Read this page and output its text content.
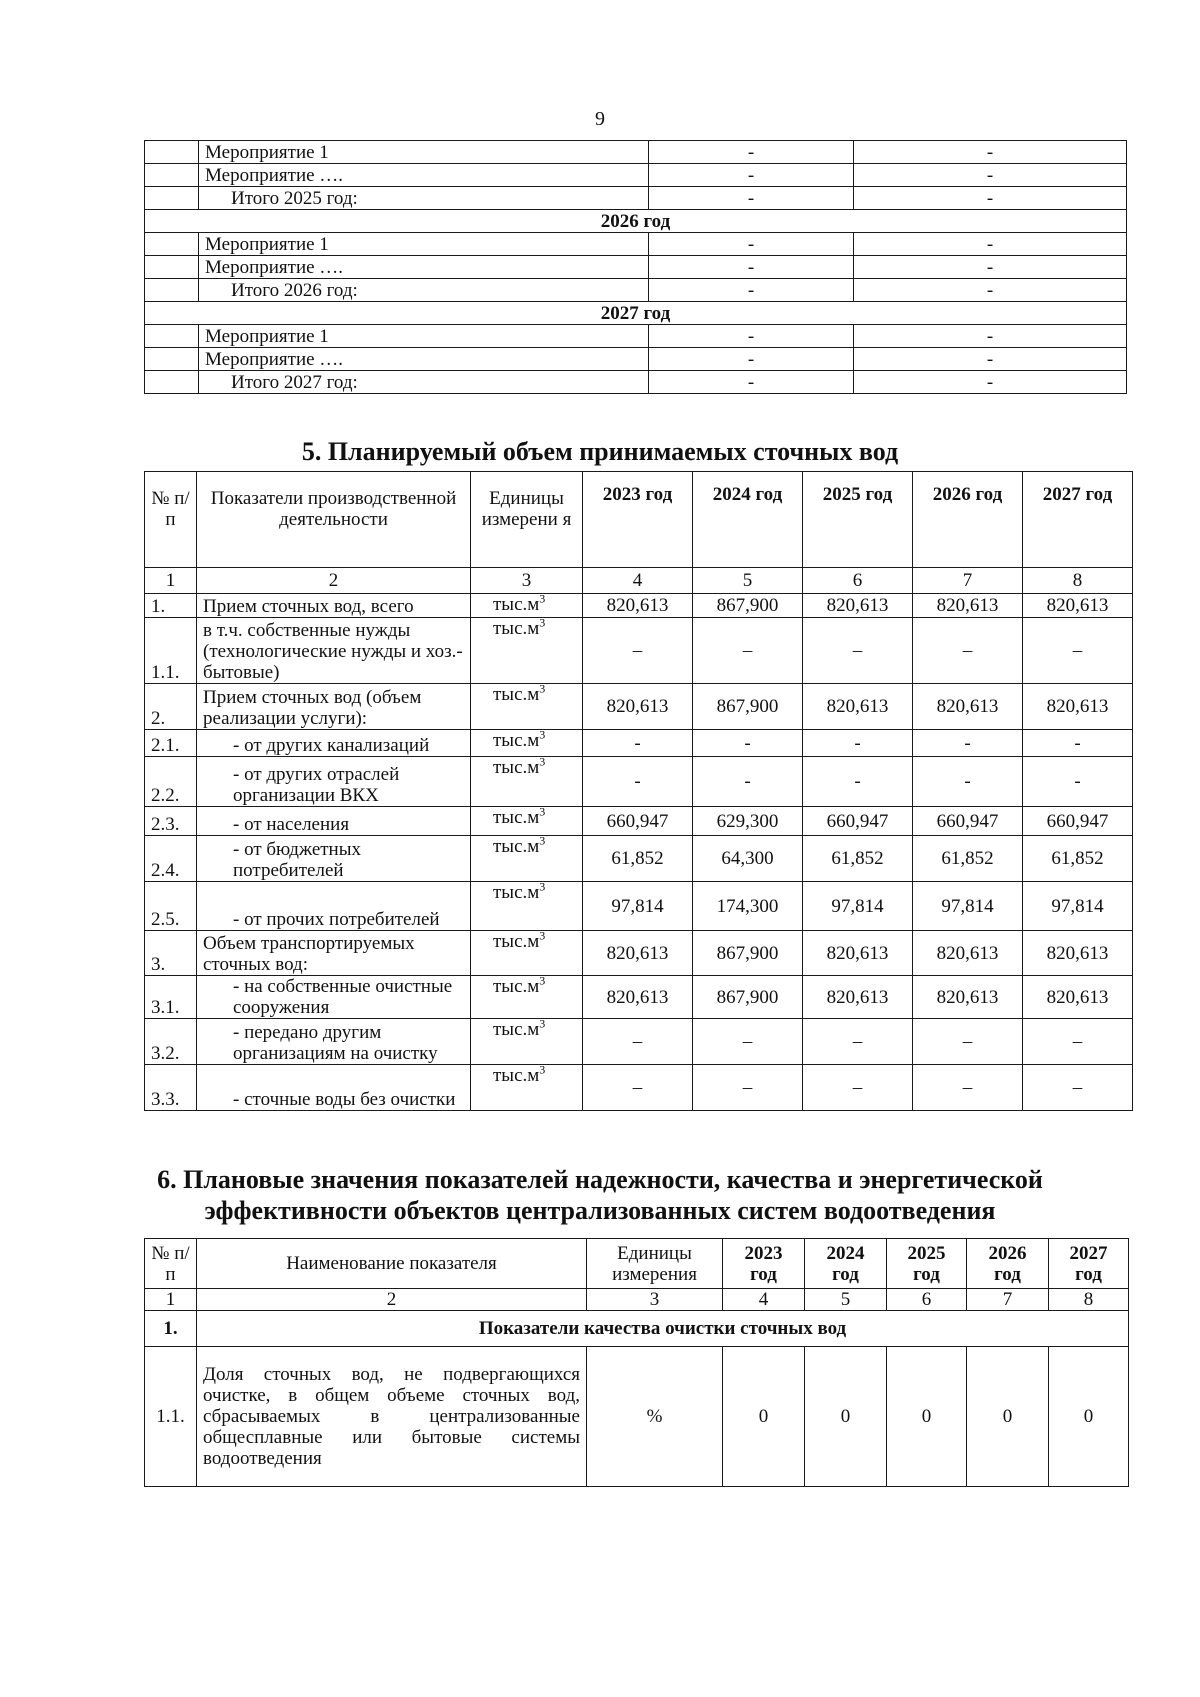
9
	Мероприятие 1	-	-
	Мероприятие ….	-	-
	Итого 2025 год:	-	-
2026 год			
	Мероприятие 1	-	-
	Мероприятие ….	-	-
	Итого 2026 год:	-	-
2027 год			
	Мероприятие 1	-	-
	Мероприятие ….	-	-
	Итого 2027 год:	-	-
5. Планируемый объем принимаемых сточных вод
№ п/п	Показатели производственной деятельности	Единицы измерени я	2023 год	2024 год	2025 год	2026 год	2027 год
1	2	3	4	5	6	7	8
1.	Прием сточных вод, всего	$тыс.м^3$	820,613	867,900	820,613	820,613	820,613
1.1.	в т.ч. собственные нужды (технологические нужды и хоз.-бытовые)	$тыс.м^3$	–	–	–	–	–
2.	Прием сточных вод (объем реализации услуги):	$тыс.м^3$	820,613	867,900	820,613	820,613	820,613
2.1.	- от других канализаций	$тыс.м^3$	-	-	-	-	-
2.2.	- от других отраслей организации ВКХ	$тыс.м^3$	-	-	-	-	-
2.3.	- от населения	$тыс.м^3$	660,947	629,300	660,947	660,947	660,947
2.4.	- от бюджетных потребителей	$тыс.м^3$	61,852	64,300	61,852	61,852	61,852
2.5.	- от прочих потребителей	$тыс.м^3$	97,814	174,300	97,814	97,814	97,814
3.	Объем транспортируемых сточных вод:	$тыс.м^3$	820,613	867,900	820,613	820,613	820,613
3.1.	- на собственные очистные сооружения	$тыс.м^3$	820,613	867,900	820,613	820,613	820,613
3.2.	- передано другим организациям на очистку	$тыс.м^3$	–	–	–	–	–
3.3.	- сточные воды без очистки	$тыс.м^3$	–	–	–	–	–
6. Плановые значения показателей надежности, качества и энергетической
эффективности объектов централизованных систем водоотведения
№ п/п	Наименование показателя	Единицы измерения	2023 год	2024 год	2025 год	2026 год	2027 год
1	2	3	4	5	6	7	8
1.	Показатели качества очистки сточных вод						
1.1.	Доля сточных вод, не подвергающихся очистке, в общем объеме сточных вод, сбрасываемых в централизованные общесплавные или бытовые системы водоотведения	%	0	0	0	0	0
